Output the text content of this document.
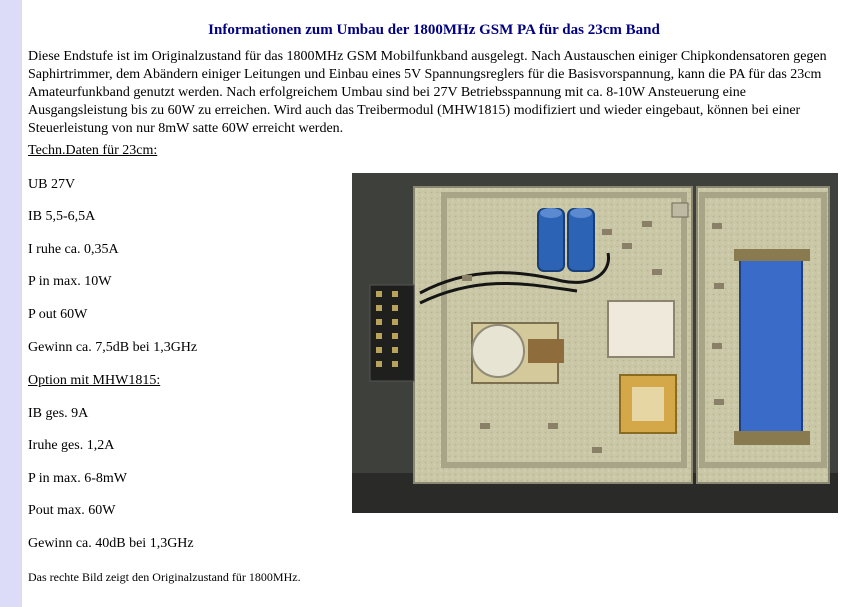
Informationen zum Umbau der 1800MHz GSM PA für das 23cm Band

Diese Endstufe ist im Originalzustand für das 1800MHz GSM Mobilfunkband ausgelegt. Nach Austauschen einiger Chipkondensatoren gegen Saphirtrimmer, dem Abändern einiger Leitungen und Einbau eines 5V Spannungsreglers für die Basisvorspannung, kann die PA für das 23cm Amateurfunkband genutzt werden. Nach erfolgreichem Umbau sind bei 27V Betriebsspannung mit ca. 8-10W Ansteuerung eine Ausgangsleistung bis zu 60W zu erreichen. Wird auch das Treibermodul (MHW1815) modifiziert und wieder eingebaut, können bei einer Steuerleistung von nur 8mW satte 60W erreicht werden.

Techn.Daten für 23cm:

UB 27V

IB 5,5-6,5A

I ruhe ca. 0,35A

P in max. 10W

P out 60W

Gewinn ca. 7,5dB bei 1,3GHz

Option mit MHW1815:

IB ges. 9A

Iruhe ges. 1,2A

P in max. 6-8mW

Pout max. 60W

Gewinn ca. 40dB bei 1,3GHz

Das rechte Bild zeigt den Originalzustand für 1800MHz.
